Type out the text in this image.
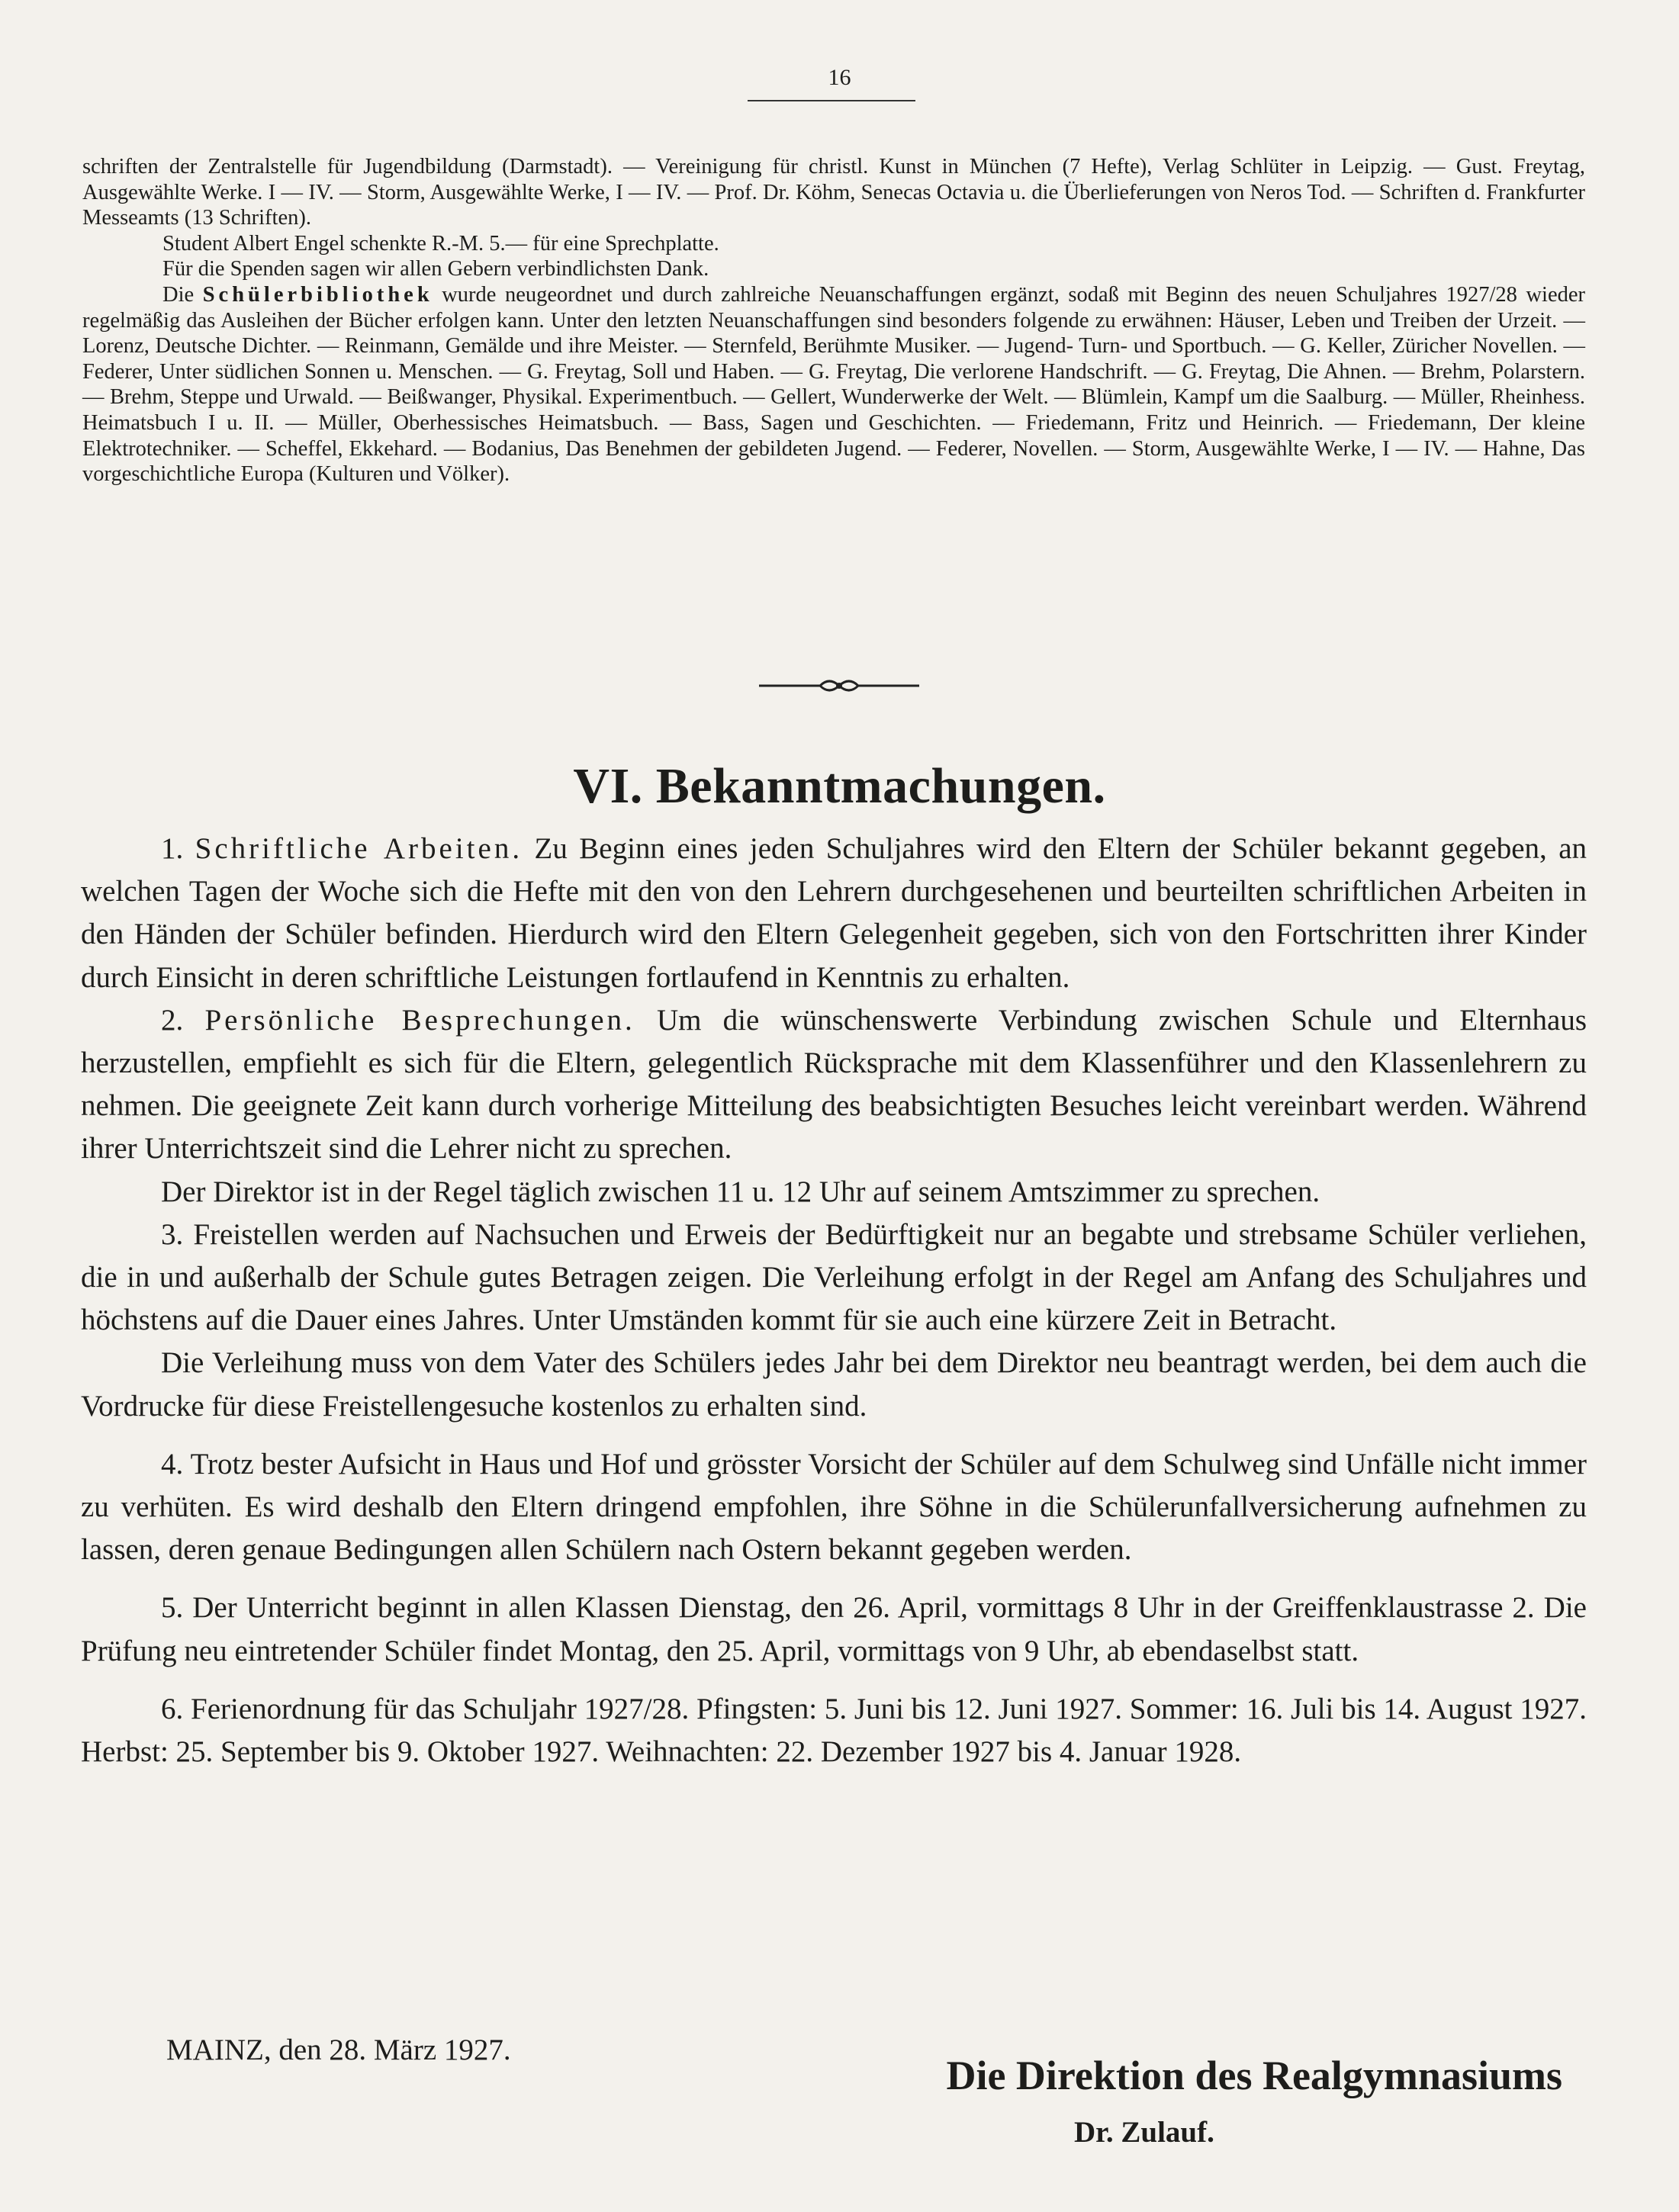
16

schriften der Zentralstelle für Jugendbildung (Darmstadt). — Vereinigung für christl. Kunst in München (7 Hefte), Verlag Schlüter in Leipzig. — Gust. Freytag, Ausgewählte Werke. I — IV. — Storm, Ausgewählte Werke, I — IV. — Prof. Dr. Köhm, Senecas Octavia u. die Überlieferungen von Neros Tod. — Schriften d. Frankfurter Messeamts (13 Schriften).

Student Albert Engel schenkte R.-M. 5.— für eine Sprechplatte.

Für die Spenden sagen wir allen Gebern verbindlichsten Dank.

Die Schülerbibliothek wurde neugeordnet und durch zahlreiche Neuanschaffungen ergänzt, sodaß mit Beginn des neuen Schuljahres 1927/28 wieder regelmäßig das Ausleihen der Bücher erfolgen kann. Unter den letzten Neuanschaffungen sind besonders folgende zu erwähnen: Häuser, Leben und Treiben der Urzeit. — Lorenz, Deutsche Dichter. — Reinmann, Gemälde und ihre Meister. — Sternfeld, Berühmte Musiker. — Jugend- Turn- und Sportbuch. — G. Keller, Züricher Novellen. — Federer, Unter südlichen Sonnen u. Menschen. — G. Freytag, Soll und Haben. — G. Freytag, Die verlorene Handschrift. — G. Freytag, Die Ahnen. — Brehm, Polarstern. — Brehm, Steppe und Urwald. — Beißwanger, Physikal. Experimentbuch. — Gellert, Wunderwerke der Welt. — Blümlein, Kampf um die Saalburg. — Müller, Rheinhess. Heimatsbuch I u. II. — Müller, Oberhessisches Heimatsbuch. — Bass, Sagen und Geschichten. — Friedemann, Fritz und Heinrich. — Friedemann, Der kleine Elektrotechniker. — Scheffel, Ekkehard. — Bodanius, Das Benehmen der gebildeten Jugend. — Federer, Novellen. — Storm, Ausgewählte Werke, I — IV. — Hahne, Das vorgeschichtliche Europa (Kulturen und Völker).

VI. Bekanntmachungen.

1. Schriftliche Arbeiten. Zu Beginn eines jeden Schuljahres wird den Eltern der Schüler bekannt gegeben, an welchen Tagen der Woche sich die Hefte mit den von den Lehrern durchgesehenen und beurteilten schriftlichen Arbeiten in den Händen der Schüler befinden. Hierdurch wird den Eltern Gelegenheit gegeben, sich von den Fortschritten ihrer Kinder durch Einsicht in deren schriftliche Leistungen fortlaufend in Kenntnis zu erhalten.

2. Persönliche Besprechungen. Um die wünschenswerte Verbindung zwischen Schule und Elternhaus herzustellen, empfiehlt es sich für die Eltern, gelegentlich Rücksprache mit dem Klassenführer und den Klassenlehrern zu nehmen. Die geeignete Zeit kann durch vorherige Mitteilung des beabsichtigten Besuches leicht vereinbart werden. Während ihrer Unterrichtszeit sind die Lehrer nicht zu sprechen.

Der Direktor ist in der Regel täglich zwischen 11 u. 12 Uhr auf seinem Amtszimmer zu sprechen.

3. Freistellen werden auf Nachsuchen und Erweis der Bedürftigkeit nur an begabte und strebsame Schüler verliehen, die in und außerhalb der Schule gutes Betragen zeigen. Die Verleihung erfolgt in der Regel am Anfang des Schuljahres und höchstens auf die Dauer eines Jahres. Unter Umständen kommt für sie auch eine kürzere Zeit in Betracht.

Die Verleihung muss von dem Vater des Schülers jedes Jahr bei dem Direktor neu beantragt werden, bei dem auch die Vordrucke für diese Freistellengesuche kostenlos zu erhalten sind.

4. Trotz bester Aufsicht in Haus und Hof und grösster Vorsicht der Schüler auf dem Schulweg sind Unfälle nicht immer zu verhüten. Es wird deshalb den Eltern dringend empfohlen, ihre Söhne in die Schülerunfallversicherung aufnehmen zu lassen, deren genaue Bedingungen allen Schülern nach Ostern bekannt gegeben werden.

5. Der Unterricht beginnt in allen Klassen Dienstag, den 26. April, vormittags 8 Uhr in der Greiffenklaustrasse 2. Die Prüfung neu eintretender Schüler findet Montag, den 25. April, vormittags von 9 Uhr, ab ebendaselbst statt.

6. Ferienordnung für das Schuljahr 1927/28. Pfingsten: 5. Juni bis 12. Juni 1927. Sommer: 16. Juli bis 14. August 1927. Herbst: 25. September bis 9. Oktober 1927. Weihnachten: 22. Dezember 1927 bis 4. Januar 1928.

MAINZ, den 28. März 1927.
Die Direktion des Realgymnasiums
Dr. Zulauf.
